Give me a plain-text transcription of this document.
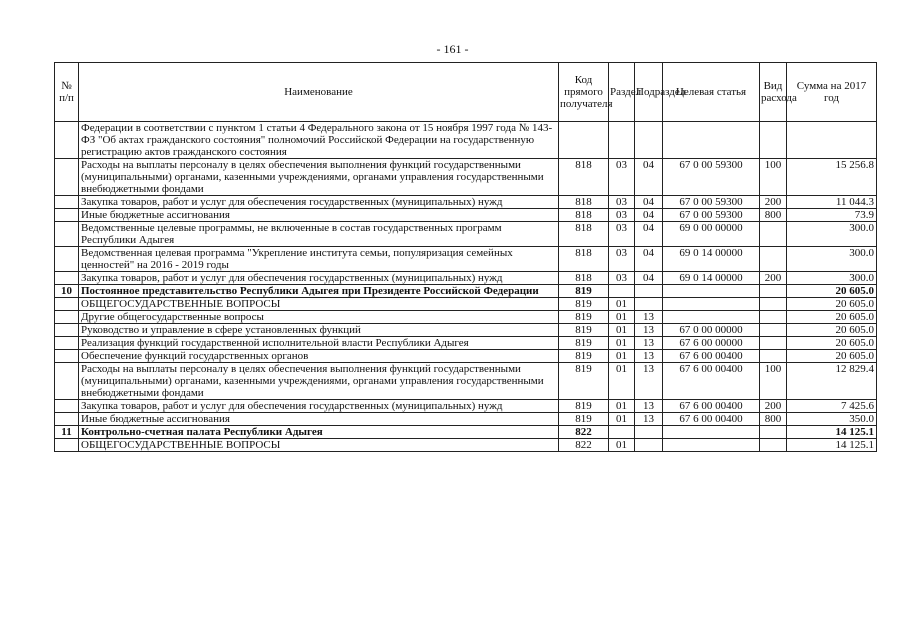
- 161 -
№ п/п	Наименование	Код прямого получателя	Раздел	Подраздел	Целевая статья	Вид расхода	Сумма на 2017 год
	Федерации в соответствии с пунктом 1 статьи 4 Федерального закона от 15 ноября 1997 года № 143-ФЗ "Об актах гражданского состояния" полномочий Российской Федерации на государственную регистрацию актов гражданского состояния						
	Расходы на выплаты персоналу в целях обеспечения выполнения функций государственными (муниципальными) органами, казенными учреждениями, органами управления государственными внебюджетными фондами	818	03	04	67 0 00 59300	100	15 256.8
	Закупка товаров, работ и услуг для обеспечения государственных (муниципальных) нужд	818	03	04	67 0 00 59300	200	11 044.3
	Иные бюджетные ассигнования	818	03	04	67 0 00 59300	800	73.9
	Ведомственные целевые программы, не включенные в состав государственных программ Республики Адыгея	818	03	04	69 0 00 00000		300.0
	Ведомственная целевая программа "Укрепление института семьи, популяризация семейных ценностей" на 2016 - 2019 годы	818	03	04	69 0 14 00000		300.0
	Закупка товаров, работ и услуг для обеспечения государственных (муниципальных) нужд	818	03	04	69 0 14 00000	200	300.0
10	Постоянное представительство Республики Адыгея при Президенте Российской Федерации	819					20 605.0
	ОБЩЕГОСУДАРСТВЕННЫЕ ВОПРОСЫ	819	01				20 605.0
	Другие общегосударственные вопросы	819	01	13			20 605.0
	Руководство и управление в сфере установленных функций	819	01	13	67 0 00 00000		20 605.0
	Реализация функций государственной исполнительной власти Республики Адыгея	819	01	13	67 6 00 00000		20 605.0
	Обеспечение функций государственных органов	819	01	13	67 6 00 00400		20 605.0
	Расходы на выплаты персоналу в целях обеспечения выполнения функций государственными (муниципальными) органами, казенными учреждениями, органами управления государственными внебюджетными фондами	819	01	13	67 6 00 00400	100	12 829.4
	Закупка товаров, работ и услуг для обеспечения государственных (муниципальных) нужд	819	01	13	67 6 00 00400	200	7 425.6
	Иные бюджетные ассигнования	819	01	13	67 6 00 00400	800	350.0
11	Контрольно-счетная палата Республики Адыгея	822					14 125.1
	ОБЩЕГОСУДАРСТВЕННЫЕ ВОПРОСЫ	822	01				14 125.1
